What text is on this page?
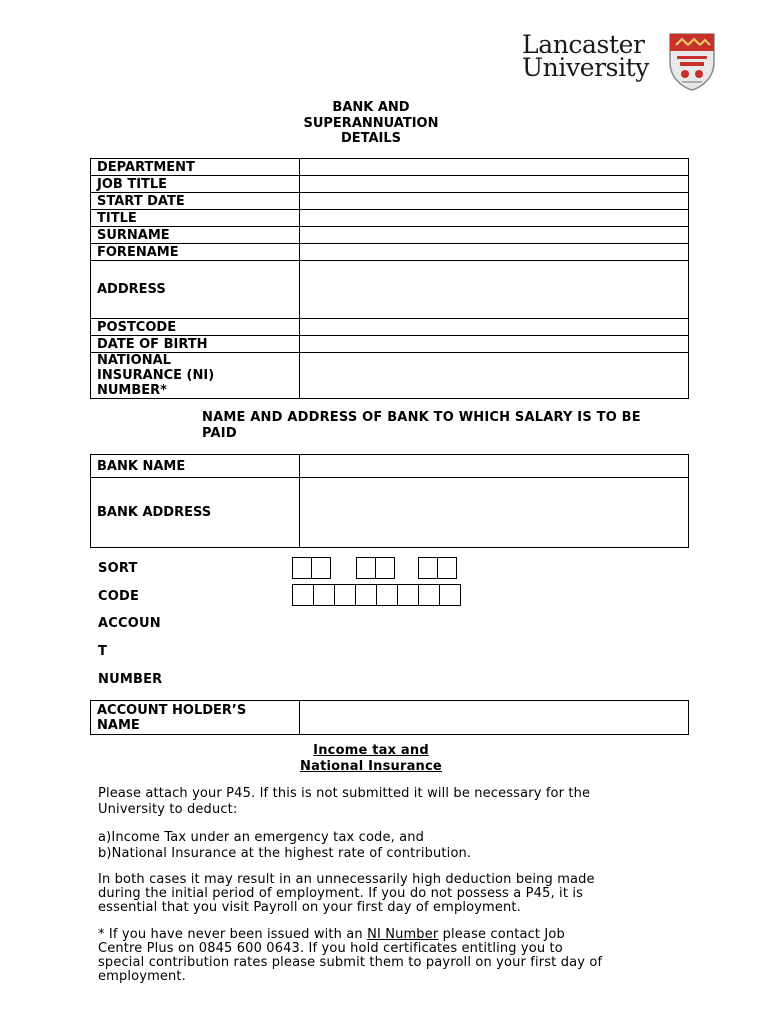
Lancaster
University
BANK AND
SUPERANNUATION
DETAILS
DEPARTMENT	
JOB TITLE	
START DATE	
TITLE	
SURNAME	
FORENAME	
ADDRESS	
POSTCODE	
DATE OF BIRTH	

NATIONAL
INSURANCE (NI)
NUMBER*	

NAME AND ADDRESS OF BANK TO WHICH SALARY IS TO BE
PAID
BANK NAME	
BANK ADDRESS	
SORT
CODE
ACCOUN
T
NUMBER
ACCOUNT HOLDER’S
NAME

Income tax and
National Insurance
Please attach your P45. If this is not submitted it will be necessary for the
University to deduct:
a)Income Tax under an emergency tax code, and
b)National Insurance at the highest rate of contribution.
In both cases it may result in an unnecessarily high deduction being made
during the initial period of employment. If you do not possess a P45, it is
essential that you visit Payroll on your first day of employment.
* If you have never been issued with an NI Number please contact Job
Centre Plus on 0845 600 0643. If you hold certificates entitling you to
special contribution rates please submit them to payroll on your first day of
employment.
